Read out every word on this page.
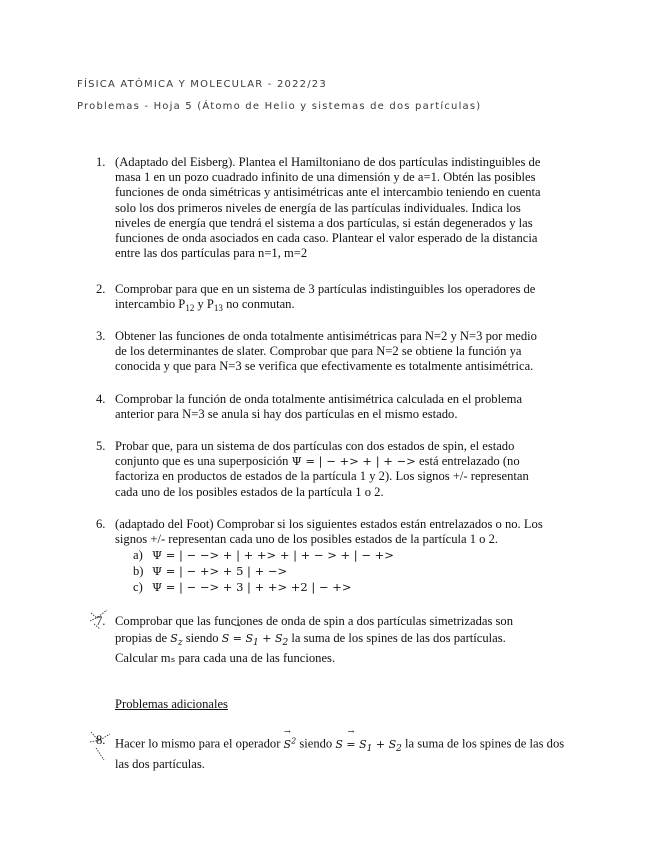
FÍSICA ATÓMICA Y MOLECULAR - 2022/23
Problemas - Hoja 5 (Átomo de Helio y sistemas de dos partículas)
1. (Adaptado del Eisberg). Plantea el Hamiltoniano de dos partículas indistinguibles de
masa 1 en un pozo cuadrado infinito de una dimensión y de a=1. Obtén las posibles
funciones de onda simétricas y antisimétricas ante el intercambio teniendo en cuenta
solo los dos primeros niveles de energía de las partículas individuales. Indica los
niveles de energía que tendrá el sistema a dos partículas, si están degenerados y las
funciones de onda asociados en cada caso. Plantear el valor esperado de la distancia
entre las dos partículas para n=1, m=2
2. Comprobar para que en un sistema de 3 partículas indistinguibles los operadores de
intercambio $P_{12}$ y $P_{13}$ no conmutan.
3. Obtener las funciones de onda totalmente antisimétricas para N=2 y N=3 por medio
de los determinantes de slater. Comprobar que para N=2 se obtiene la función ya
conocida y que para N=3 se verifica que efectivamente es totalmente antisimétrica.
4. Comprobar la función de onda totalmente antisimétrica calculada en el problema
anterior para N=3 se anula si hay dos partículas en el mismo estado.
5. Probar que, para un sistema de dos partículas con dos estados de spin, el estado
conjunto que es una superposición Ψ = | − +> + | + −> está entrelazado (no
factoriza en productos de estados de la partícula 1 y 2). Los signos +/- representan
cada uno de los posibles estados de la partícula 1 o 2.
6. (adaptado del Foot) Comprobar si los siguientes estados están entrelazados o no. Los
signos +/- representan cada uno de los posibles estados de la partícula 1 o 2.
a) Ψ = | − −> + | + +> + | + − > + | − +>
b) Ψ = | − +> + 5 | + −>
c) Ψ = | − −> + 3 | + +> +2 | − +>
7. Comprobar que las funciones de onda de spin a dos partículas simetrizadas son
propias de $S_z$ siendo → $S = S_1 + S_2$ la suma de los spines de las dos partículas.
Calcular mₛ para cada una de las funciones.
Problemas adicionales
8. Hacer lo mismo para el operador → $S^2$ siendo → $S = S_1 + S_2$ la suma de los spines de las dos
las dos partículas.
